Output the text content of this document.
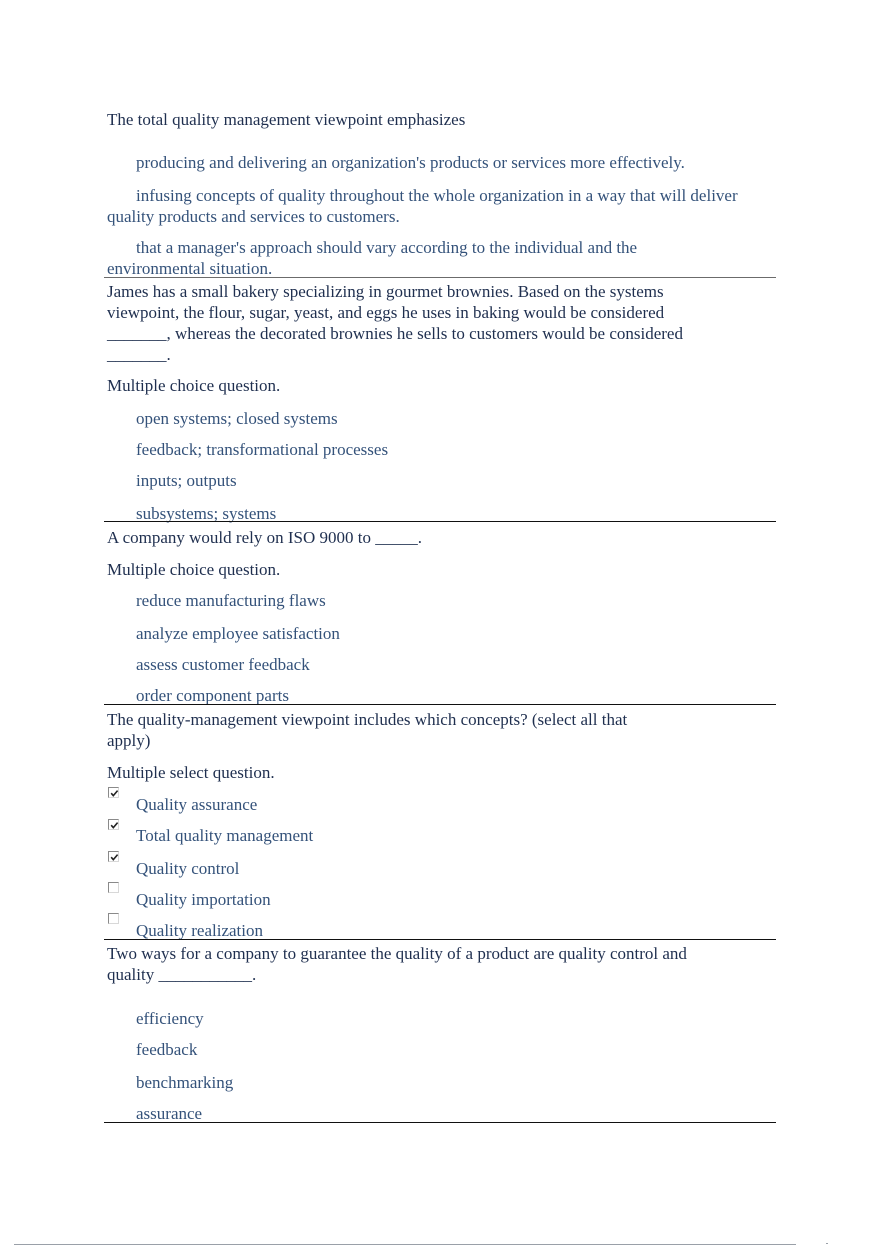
The total quality management viewpoint emphasizes
producing and delivering an organization's products or services more effectively.
infusing concepts of quality throughout the whole organization in a way that will deliver quality products and services to customers.
that a manager's approach should vary according to the individual and the environmental situation.
James has a small bakery specializing in gourmet brownies. Based on the systems viewpoint, the flour, sugar, yeast, and eggs he uses in baking would be considered _______, whereas the decorated brownies he sells to customers would be considered _______.
Multiple choice question.
open systems; closed systems
feedback; transformational processes
inputs; outputs
subsystems; systems
A company would rely on ISO 9000 to _____.
Multiple choice question.
reduce manufacturing flaws
analyze employee satisfaction
assess customer feedback
order component parts
The quality-management viewpoint includes which concepts? (select all that apply)
Multiple select question.
Quality assurance
Total quality management
Quality control
Quality importation
Quality realization
Two ways for a company to guarantee the quality of a product are quality control and quality ___________.
efficiency
feedback
benchmarking
assurance
